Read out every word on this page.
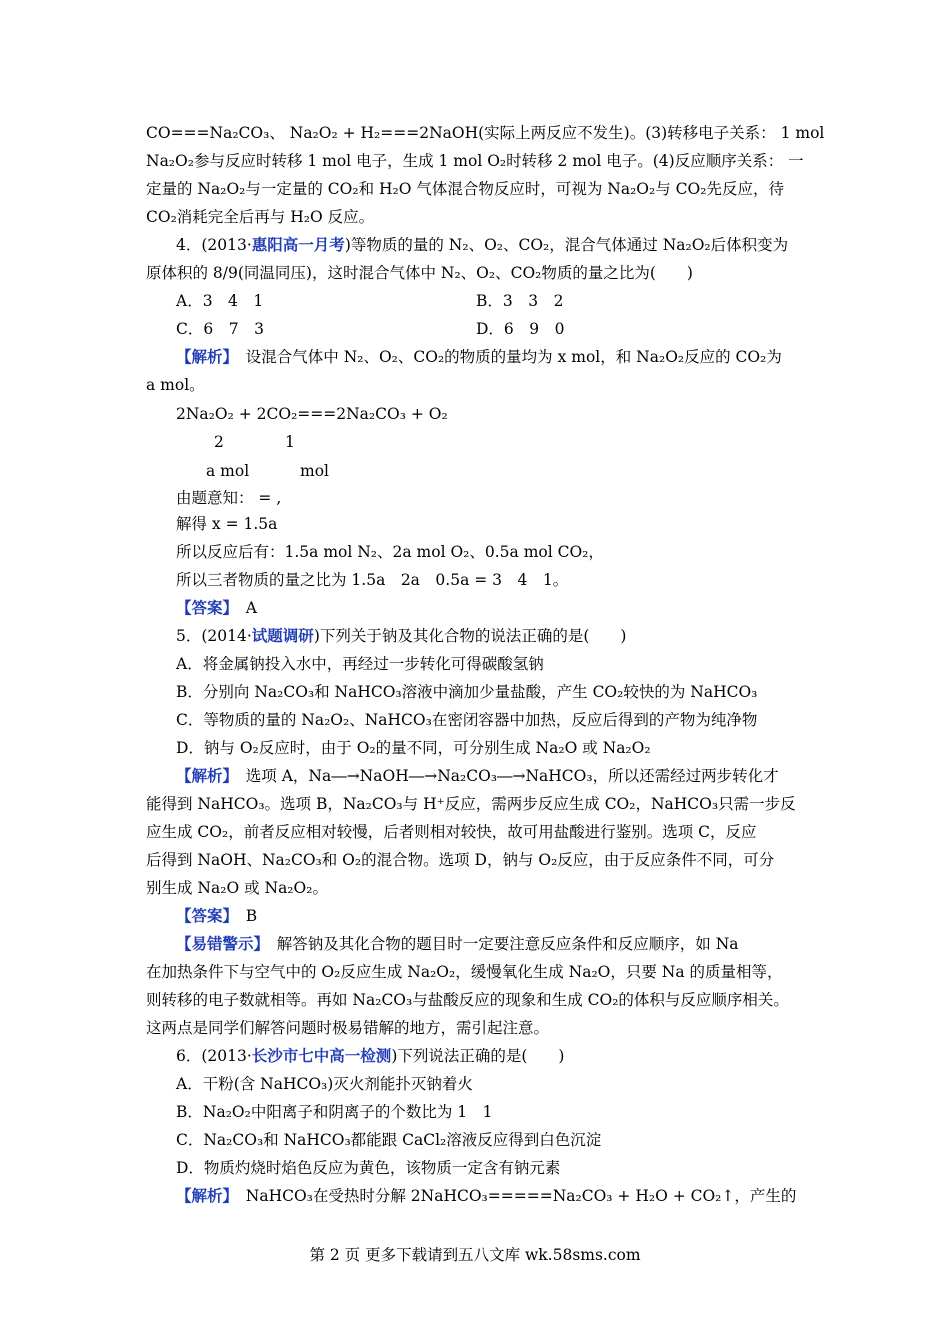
CO===Na₂CO₃、 Na₂O₂ + H₂===2NaOH(实际上两反应不发生)。(3)转移电子关系： 1 mol
Na₂O₂参与反应时转移 1 mol 电子，生成 1 mol O₂时转移 2 mol 电子。(4)反应顺序关系： 一
定量的 Na₂O₂与一定量的 CO₂和 H₂O 气体混合物反应时，可视为 Na₂O₂与 CO₂先反应，待
CO₂消耗完全后再与 H₂O 反应。
4．(2013·惠阳高一月考)等物质的量的 N₂、O₂、CO₂，混合气体通过 Na₂O₂后体积变为
原体积的 8/9(同温同压)，这时混合气体中 N₂、O₂、CO₂物质的量之比为(　　)
A．3　4　1	B．3　3　2
C．6　7　3	D．6　9　0
【解析】　设混合气体中 N₂、O₂、CO₂的物质的量均为 x mol，和 Na₂O₂反应的 CO₂为
a mol。
2Na₂O₂ + 2CO₂===2Na₂CO₃ + O₂
2	1
a mol	mol
由题意知： = ,
解得 x = 1.5a
所以反应后有：1.5a mol N₂、2a mol O₂、0.5a mol CO₂，
所以三者物质的量之比为 1.5a　2a　0.5a = 3　4　1。
【答案】　A
5．(2014·试题调研)下列关于钠及其化合物的说法正确的是(　　)
A．将金属钠投入水中，再经过一步转化可得碳酸氢钠
B．分别向 Na₂CO₃和 NaHCO₃溶液中滴加少量盐酸，产生 CO₂较快的为 NaHCO₃
C．等物质的量的 Na₂O₂、NaHCO₃在密闭容器中加热，反应后得到的产物为纯净物
D．钠与 O₂反应时，由于 O₂的量不同，可分别生成 Na₂O 或 Na₂O₂
【解析】　选项 A，Na―→NaOH―→Na₂CO₃―→NaHCO₃，所以还需经过两步转化才
能得到 NaHCO₃。选项 B，Na₂CO₃与 H⁺反应，需两步反应生成 CO₂，NaHCO₃只需一步反
应生成 CO₂，前者反应相对较慢，后者则相对较快，故可用盐酸进行鉴别。选项 C，反应
后得到 NaOH、Na₂CO₃和 O₂的混合物。选项 D，钠与 O₂反应，由于反应条件不同，可分
别生成 Na₂O 或 Na₂O₂。
【答案】　B
【易错警示】　解答钠及其化合物的题目时一定要注意反应条件和反应顺序，如 Na
在加热条件下与空气中的 O₂反应生成 Na₂O₂，缓慢氧化生成 Na₂O，只要 Na 的质量相等，
则转移的电子数就相等。再如 Na₂CO₃与盐酸反应的现象和生成 CO₂的体积与反应顺序相关。
这两点是同学们解答问题时极易错解的地方，需引起注意。
6．(2013·长沙市七中高一检测)下列说法正确的是(　　)
A．干粉(含 NaHCO₃)灭火剂能扑灭钠着火
B．Na₂O₂中阳离子和阴离子的个数比为 1　1
C．Na₂CO₃和 NaHCO₃都能跟 CaCl₂溶液反应得到白色沉淀
D．物质灼烧时焰色反应为黄色，该物质一定含有钠元素
【解析】　NaHCO₃在受热时分解 2NaHCO₃=====Na₂CO₃ + H₂O + CO₂↑，产生的
第 2 页 更多下载请到五八文库 wk.58sms.com
